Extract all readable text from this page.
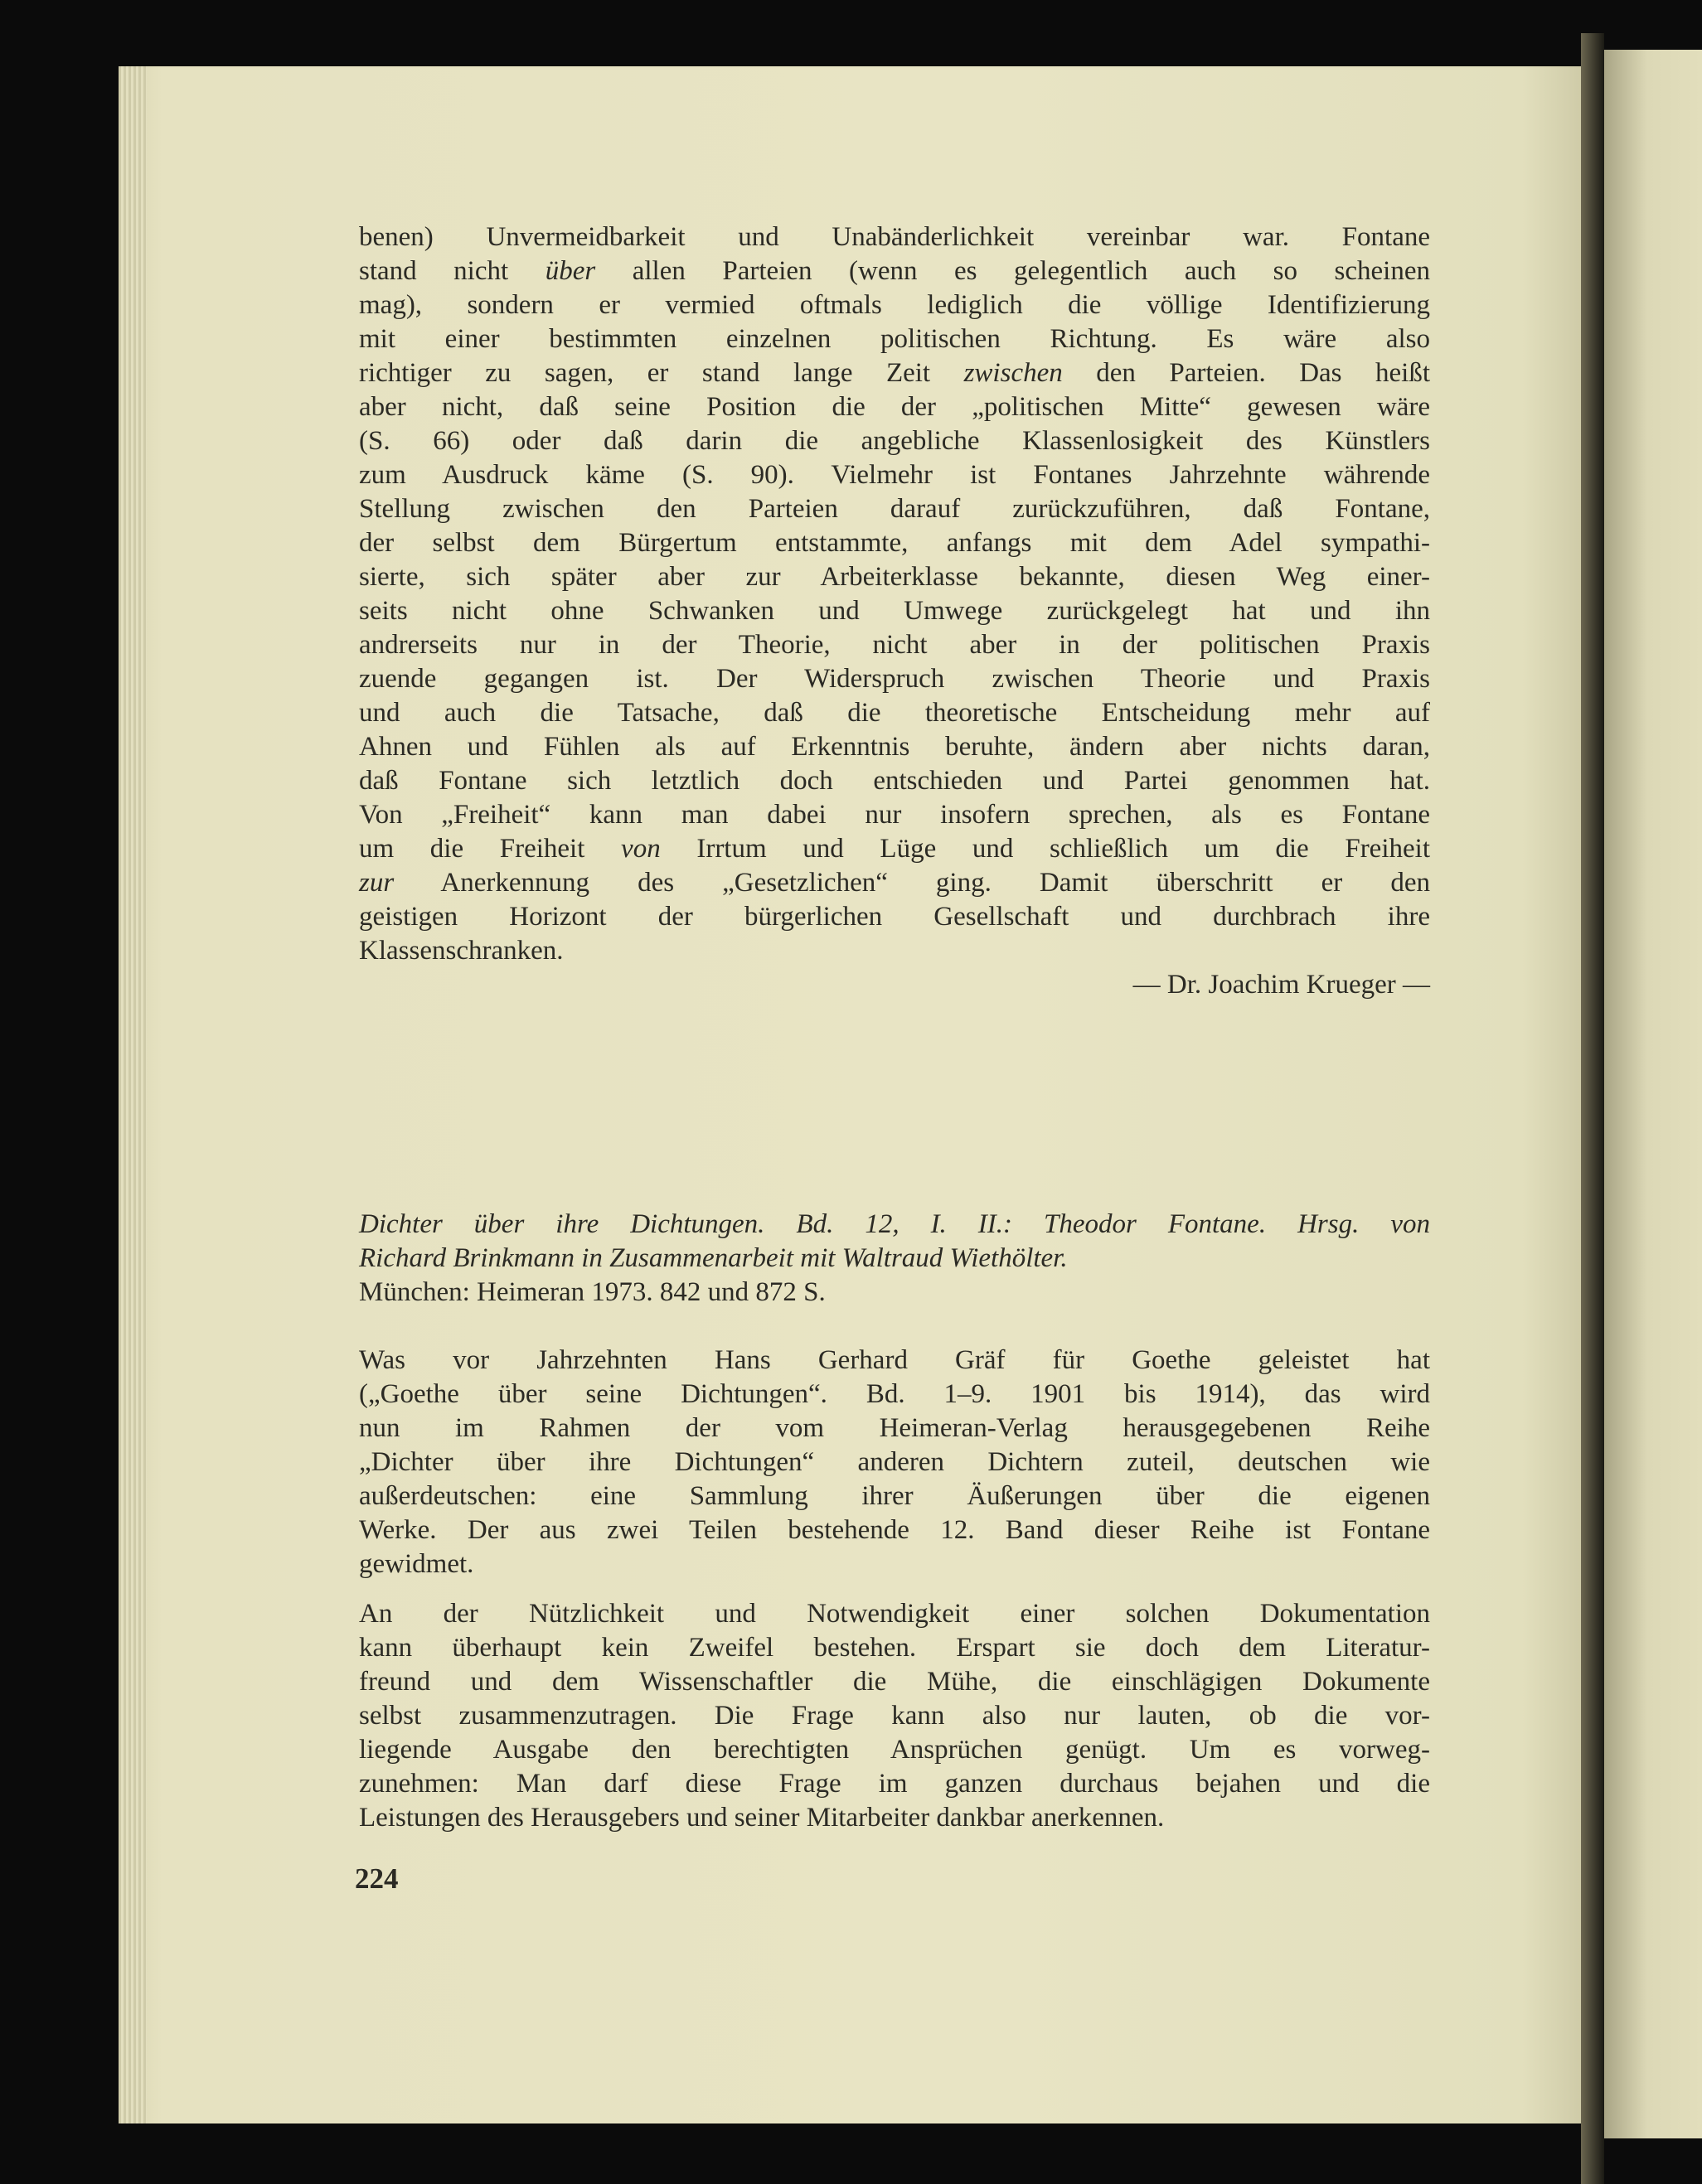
benen) Unvermeidbarkeit und Unabänderlichkeit vereinbar war. Fontane
stand nicht über allen Parteien (wenn es gelegentlich auch so scheinen
mag), sondern er vermied oftmals lediglich die völlige Identifizierung
mit einer bestimmten einzelnen politischen Richtung. Es wäre also
richtiger zu sagen, er stand lange Zeit zwischen den Parteien. Das heißt
aber nicht, daß seine Position die der „politischen Mitte“ gewesen wäre
(S. 66) oder daß darin die angebliche Klassenlosigkeit des Künstlers
zum Ausdruck käme (S. 90). Vielmehr ist Fontanes Jahrzehnte währende
Stellung zwischen den Parteien darauf zurückzuführen, daß Fontane,
der selbst dem Bürgertum entstammte, anfangs mit dem Adel sympathi-
sierte, sich später aber zur Arbeiterklasse bekannte, diesen Weg einer-
seits nicht ohne Schwanken und Umwege zurückgelegt hat und ihn
andrerseits nur in der Theorie, nicht aber in der politischen Praxis
zuende gegangen ist. Der Widerspruch zwischen Theorie und Praxis
und auch die Tatsache, daß die theoretische Entscheidung mehr auf
Ahnen und Fühlen als auf Erkenntnis beruhte, ändern aber nichts daran,
daß Fontane sich letztlich doch entschieden und Partei genommen hat.
Von „Freiheit“ kann man dabei nur insofern sprechen, als es Fontane
um die Freiheit von Irrtum und Lüge und schließlich um die Freiheit
zur Anerkennung des „Gesetzlichen“ ging. Damit überschritt er den
geistigen Horizont der bürgerlichen Gesellschaft und durchbrach ihre
Klassenschranken.
— Dr. Joachim Krueger —
Dichter über ihre Dichtungen. Bd. 12, I. II.: Theodor Fontane. Hrsg. von
Richard Brinkmann in Zusammenarbeit mit Waltraud Wiethölter.
München: Heimeran 1973. 842 und 872 S.
Was vor Jahrzehnten Hans Gerhard Gräf für Goethe geleistet hat
(„Goethe über seine Dichtungen“. Bd. 1–9. 1901 bis 1914), das wird
nun im Rahmen der vom Heimeran-Verlag herausgegebenen Reihe
„Dichter über ihre Dichtungen“ anderen Dichtern zuteil, deutschen wie
außerdeutschen: eine Sammlung ihrer Äußerungen über die eigenen
Werke. Der aus zwei Teilen bestehende 12. Band dieser Reihe ist Fontane
gewidmet.
An der Nützlichkeit und Notwendigkeit einer solchen Dokumentation
kann überhaupt kein Zweifel bestehen. Erspart sie doch dem Literatur-
freund und dem Wissenschaftler die Mühe, die einschlägigen Dokumente
selbst zusammenzutragen. Die Frage kann also nur lauten, ob die vor-
liegende Ausgabe den berechtigten Ansprüchen genügt. Um es vorweg-
zunehmen: Man darf diese Frage im ganzen durchaus bejahen und die
Leistungen des Herausgebers und seiner Mitarbeiter dankbar anerkennen.
224
